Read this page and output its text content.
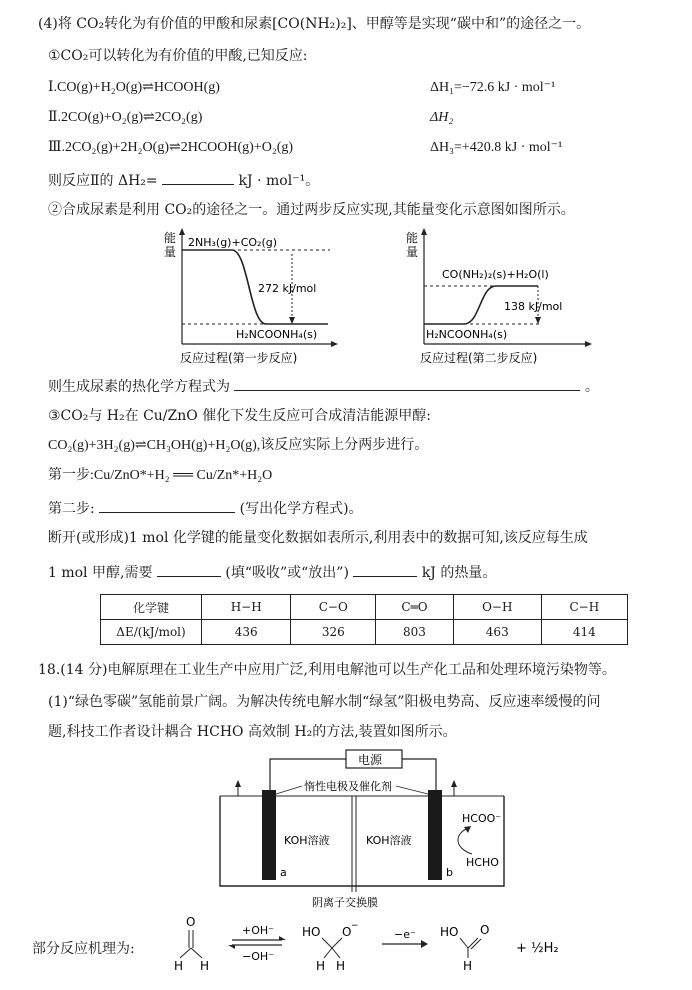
(4)将 CO₂转化为有价值的甲酸和尿素[CO(NH₂)₂]、甲醇等是实现“碳中和”的途径之一。
①CO₂可以转化为有价值的甲酸,已知反应:
Ⅰ.CO(g)+H₂O(g)⇌HCOOH(g)	ΔH₁=−72.6 kJ · mol⁻¹
Ⅱ.2CO(g)+O₂(g)⇌2CO₂(g)	ΔH₂
Ⅲ.2CO₂(g)+2H₂O(g)⇌2HCOOH(g)+O₂(g)	ΔH₃=+420.8 kJ · mol⁻¹
则反应Ⅱ的 ΔH₂=	kJ · mol⁻¹。
②合成尿素是利用 CO₂的途径之一。通过两步反应实现,其能量变化示意图如图所示。
能
量
2NH₃(g)+CO₂(g)
H₂NCOONH₄(s)
272 kJ/mol
反应过程(第一步反应)
能
量
CO(NH₂)₂(s)+H₂O(l)
H₂NCOONH₄(s)
138 kJ/mol
反应过程(第二步反应)
则生成尿素的热化学方程式为	。
③CO₂与 H₂在 Cu/ZnO 催化下发生反应可合成清洁能源甲醇:
CO₂(g)+3H₂(g)⇌CH₃OH(g)+H₂O(g),该反应实际上分两步进行。
第一步:Cu/ZnO*+H₂ ══ Cu/Zn*+H₂O
第二步:	(写出化学方程式)。
断开(或形成)1 mol 化学键的能量变化数据如表所示,利用表中的数据可知,该反应每生成
1 mol 甲醇,需要	(填“吸收”或“放出”)	kJ 的热量。
化学键	H−H	C−O	C═O	O−H	C−H
ΔE/(kJ/mol)	436	326	803	463	414
18.(14 分)电解原理在工业生产中应用广泛,利用电解池可以生产化工品和处理环境污染物等。
(1)“绿色零碳”氢能前景广阔。为解决传统电解水制“绿氢”阳极电势高、反应速率缓慢的问
题,科技工作者设计耦合 HCHO 高效制 H₂的方法,装置如图所示。
电源
惰性电极及催化剂
KOH溶液	KOH溶液
a	b
HCOO⁻
HCHO
阴离子交换膜
部分反应机理为:
O
H H
+OH⁻
−OH⁻
HO O −
H H
−e⁻ HO O
H
+ ½H₂
